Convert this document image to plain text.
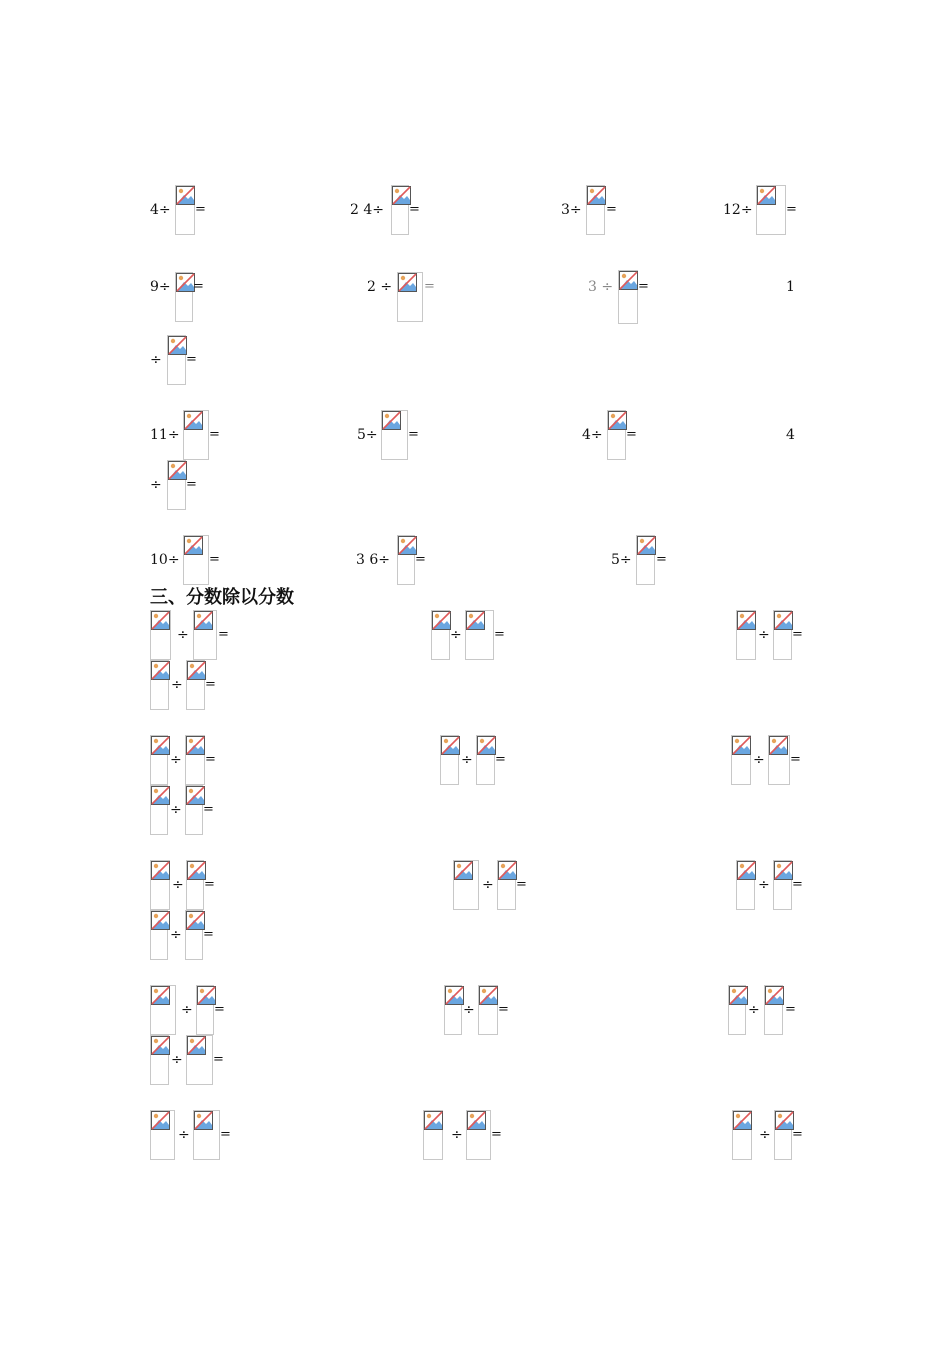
4÷ =	2 4÷ =	3÷ =	12÷	=
9÷ =	2 ÷ =	3 ÷ =	1
÷ =
11÷ =	5÷ =	4÷ =	4
÷ =
10÷ =	3 6÷ =	5÷ =
三、分数除以分数
÷ =	÷ =	÷ =
÷ =
÷ =	÷ =	÷ =
÷ =
÷ =	÷ =	÷ =
÷ =
÷ =	÷ =	÷ =
÷ =
÷ =	÷ =	÷ =
